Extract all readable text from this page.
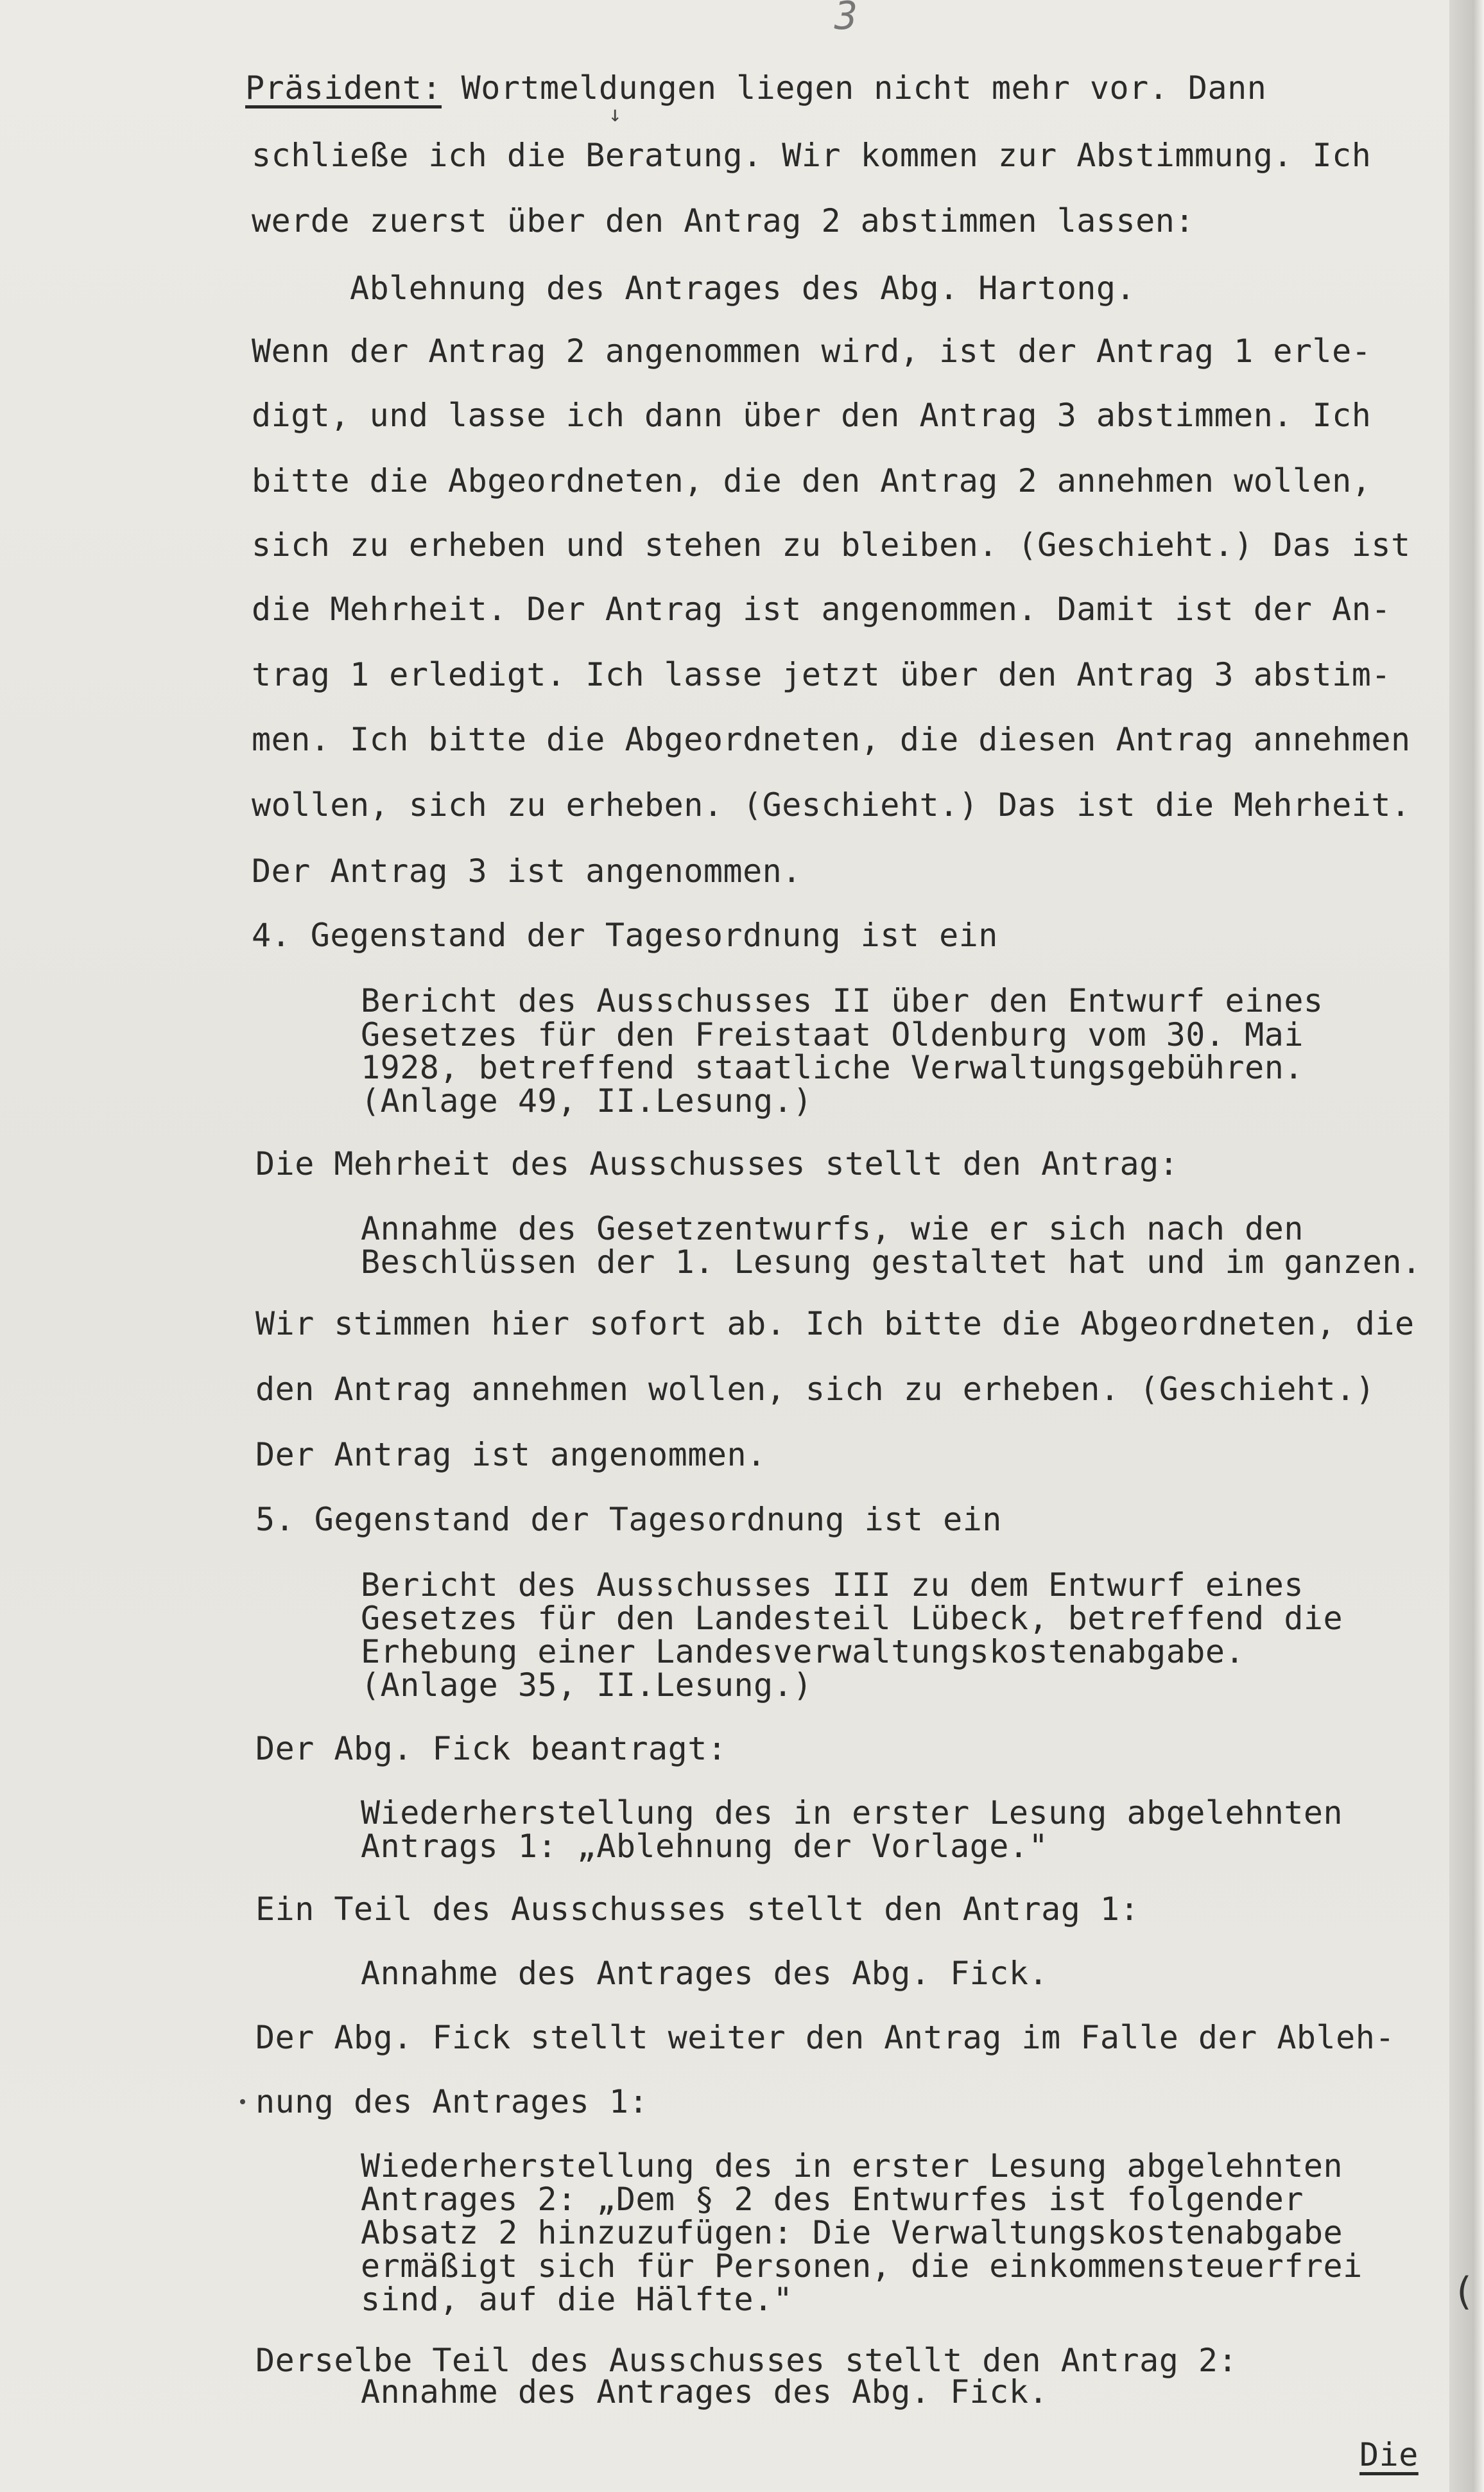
3
↓
(
Präsident: Wortmeldungen liegen nicht mehr vor. Dann
schließe ich die Beratung. Wir kommen zur Abstimmung. Ich
werde zuerst über den Antrag 2 abstimmen lassen:
Ablehnung des Antrages des Abg. Hartong.
Wenn der Antrag 2 angenommen wird, ist der Antrag 1 erle-
digt, und lasse ich dann über den Antrag 3 abstimmen. Ich
bitte die Abgeordneten, die den Antrag 2 annehmen wollen,
sich zu erheben und stehen zu bleiben. (Geschieht.) Das ist
die Mehrheit. Der Antrag ist angenommen. Damit ist der An-
trag 1 erledigt. Ich lasse jetzt über den Antrag 3 abstim-
men. Ich bitte die Abgeordneten, die diesen Antrag annehmen
wollen, sich zu erheben. (Geschieht.) Das ist die Mehrheit.
Der Antrag 3 ist angenommen.
4. Gegenstand der Tagesordnung ist ein
Bericht des Ausschusses II über den Entwurf eines
Gesetzes für den Freistaat Oldenburg vom 30. Mai
1928, betreffend staatliche Verwaltungsgebühren.
(Anlage 49, II.Lesung.)
Die Mehrheit des Ausschusses stellt den Antrag:
Annahme des Gesetzentwurfs, wie er sich nach den
Beschlüssen der 1. Lesung gestaltet hat und im ganzen.
Wir stimmen hier sofort ab. Ich bitte die Abgeordneten, die
den Antrag annehmen wollen, sich zu erheben. (Geschieht.)
Der Antrag ist angenommen.
5. Gegenstand der Tagesordnung ist ein
Bericht des Ausschusses III zu dem Entwurf eines
Gesetzes für den Landesteil Lübeck, betreffend die
Erhebung einer Landesverwaltungskostenabgabe.
(Anlage 35, II.Lesung.)
Der Abg. Fick beantragt:
Wiederherstellung des in erster Lesung abgelehnten
Antrags 1: „Ablehnung der Vorlage."
Ein Teil des Ausschusses stellt den Antrag 1:
Annahme des Antrages des Abg. Fick.
Der Abg. Fick stellt weiter den Antrag im Falle der Ableh-
nung des Antrages 1:
Wiederherstellung des in erster Lesung abgelehnten
Antrages 2: „Dem § 2 des Entwurfes ist folgender
Absatz 2 hinzuzufügen: Die Verwaltungskostenabgabe
ermäßigt sich für Personen, die einkommensteuerfrei
sind, auf die Hälfte."
Derselbe Teil des Ausschusses stellt den Antrag 2:
Annahme des Antrages des Abg. Fick.
Die
